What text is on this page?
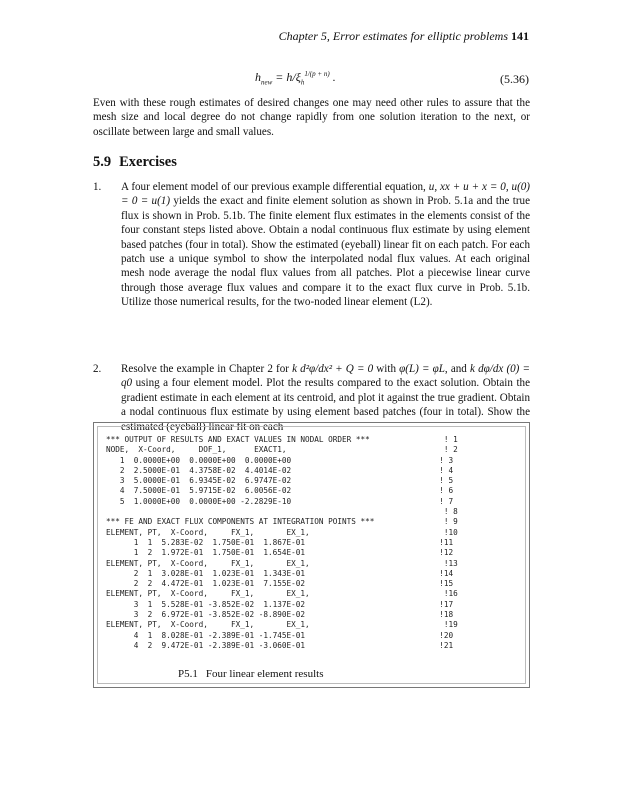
Chapter 5, Error estimates for elliptic problems 141
$h_{new} = h/\xi_h^{1/(p + n)}$ .	(5.36)

Even with these rough estimates of desired changes one may need other rules to assure that the mesh size and local degree do not change rapidly from one solution iteration to the next, or oscillate between large and small values.

5.9 Exercises
1. A four element model of our previous example differential equation, u, xx + u + x = 0, u(0) = 0 = u(1) yields the exact and finite element solution as shown in Prob. 5.1a and the true flux is shown in Prob. 5.1b. The finite element flux estimates in the elements consist of the four constant steps listed above. Obtain a nodal continuous flux estimate by using element based patches (four in total). Show the estimated (eyeball) linear fit on each patch. For each patch use a unique symbol to show the interpolated nodal flux values. At each original mesh node average the nodal flux values from all patches. Plot a piecewise linear curve through those average flux values and compare it to the exact flux curve in Prob. 5.1b. Utilize those numerical results, for the two-noded linear element (L2).
2. Resolve the example in Chapter 2 for k d²φ/dx² + Q = 0 with φ(L) = φL, and k dφ/dx (0) = q0 using a four element model. Plot the results compared to the exact solution. Obtain the gradient estimate in each element at its centroid, and plot it against the true gradient. Obtain a nodal continuous flux estimate by using element based patches (four in total). Show the estimated (eyeball) linear fit on each
*** OUTPUT OF RESULTS AND EXACT VALUES IN NODAL ORDER ***                ! 1
NODE,  X-Coord,     DOF_1,      EXACT1,                                  ! 2
1  0.0000E+00  0.0000E+00  0.0000E+00                                ! 3
2  2.5000E-01  4.3758E-02  4.4014E-02                                ! 4
3  5.0000E-01  6.9345E-02  6.9747E-02                                ! 5
4  7.5000E-01  5.9715E-02  6.0056E-02                                ! 6
5  1.0000E+00  0.0000E+00 -2.2829E-10                                ! 7
! 8
*** FE AND EXACT FLUX COMPONENTS AT INTEGRATION POINTS ***               ! 9
ELEMENT, PT,  X-Coord,     FX_1,       EX_1,                             !10
1  1  5.283E-02  1.750E-01  1.867E-01                             !11
1  2  1.972E-01  1.750E-01  1.654E-01                             !12
ELEMENT, PT,  X-Coord,     FX_1,       EX_1,                             !13
2  1  3.028E-01  1.023E-01  1.343E-01                             !14
2  2  4.472E-01  1.023E-01  7.155E-02                             !15
ELEMENT, PT,  X-Coord,     FX_1,       EX_1,                             !16
3  1  5.528E-01 -3.852E-02  1.137E-02                             !17
3  2  6.972E-01 -3.852E-02 -8.890E-02                             !18
ELEMENT, PT,  X-Coord,     FX_1,       EX_1,                             !19
4  1  8.028E-01 -2.389E-01 -1.745E-01                             !20
4  2  9.472E-01 -2.389E-01 -3.060E-01                             !21
P5.1 Four linear element results
